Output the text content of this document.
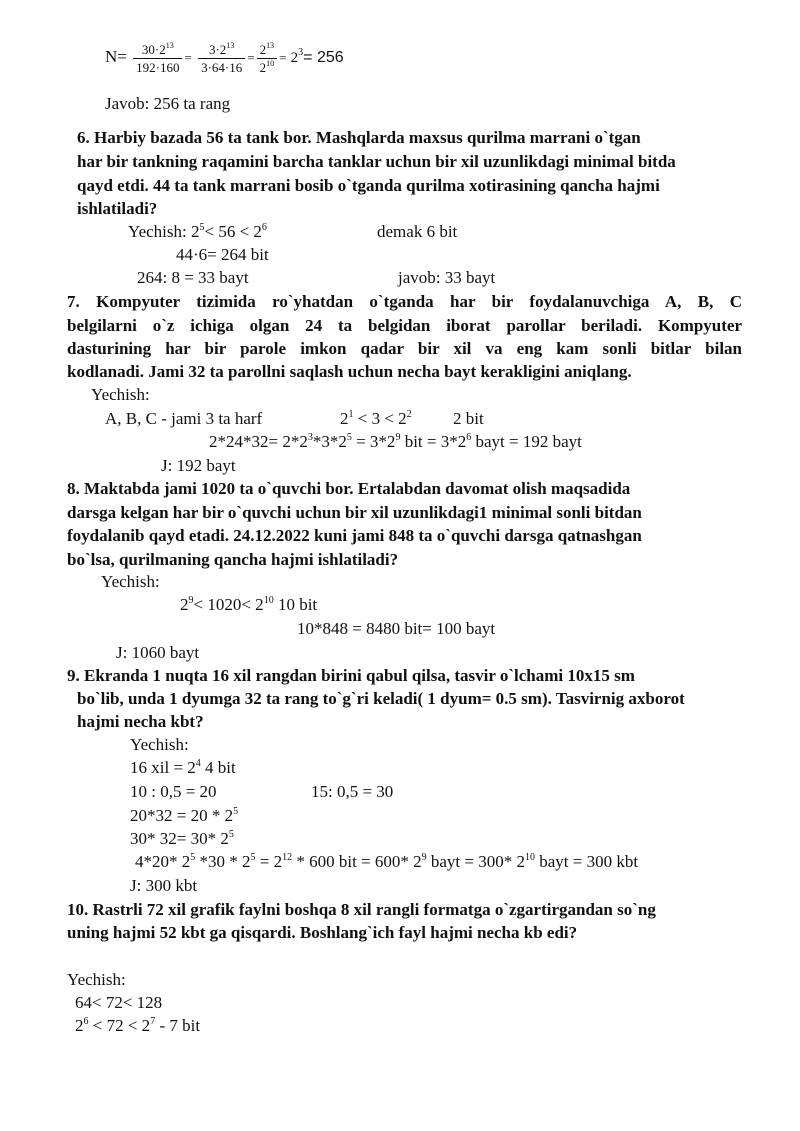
$N= \frac{30\cdot 2^{13}}{192\cdot 160} = \frac{3\cdot 2^{13}}{3\cdot 64\cdot 16} = \frac{2^{13}}{2^{10}} = 2^3= 256$
Javob: 256 ta rang
6. Harbiy bazada 56 ta tank bor. Mashqlarda maxsus qurilma marrani o`tgan
har bir tankning raqamini barcha tanklar uchun bir xil uzunlikdagi minimal bitda
qayd etdi. 44 ta tank marrani bosib o`tganda qurilma xotirasining qancha hajmi
ishlatiladi?
Yechish: $2^5< 56 < 2^6$	demak 6 bit
44·6= 264 bit
264: 8 = 33 bayt	javob: 33 bayt
7. Kompyuter tizimida ro`yhatdan o`tganda har bir foydalanuvchiga A, B, C
belgilarni o`z ichiga olgan 24 ta belgidan iborat parollar beriladi. Kompyuter
dasturining har bir parole imkon qadar bir xil va eng kam sonli bitlar bilan
kodlanadi. Jami 32 ta parollni saqlash uchun necha bayt kerakligini aniqlang.
Yechish:
A, B, C - jami 3 ta harf	$2^1 < 3 < 2^2$ 2 bit
$2*24*32= 2*2^3*3*2^5 = 3*2^9$ bit = $3*2^6$ bayt = 192 bayt
J: 192 bayt
8. Maktabda jami 1020 ta o`quvchi bor. Ertalabdan davomat olish maqsadida
darsga kelgan har bir o`quvchi uchun bir xil uzunlikdagi1 minimal sonli bitdan
foydalanib qayd etadi. 24.12.2022 kuni jami 848 ta o`quvchi darsga qatnashgan
bo`lsa, qurilmaning qancha hajmi ishlatiladi?
Yechish:
$2^9< 1020< 2^{10}$ 10 bit
10*848 = 8480 bit= 100 bayt
J: 1060 bayt
9. Ekranda 1 nuqta 16 xil rangdan birini qabul qilsa, tasvir o`lchami 10x15 sm
bo`lib, unda 1 dyumga 32 ta rang to`g`ri keladi( 1 dyum= 0.5 sm). Tasvirnig axborot
hajmi necha kbt?
Yechish:
16 xil = $2^4$ 4 bit
10 : 0,5 = 20	15: 0,5 = 30
$20*32 = 20 * 2^5$
30* 32= 30* $2^5$
4*20* $2^5$ $*30 * 2^5 = 2^{12} * 600$ bit = 600* $2^9$ bayt = 300* $2^{10}$ bayt = 300 kbt
J: 300 kbt
10. Rastrli 72 xil grafik faylni boshqa 8 xil rangli formatga o`zgartirgandan so`ng
uning hajmi 52 kbt ga qisqardi. Boshlang`ich fayl hajmi necha kb edi?
Yechish:
64< 72< 128
$2^6 < 72 < 2^7 - 7$ bit
